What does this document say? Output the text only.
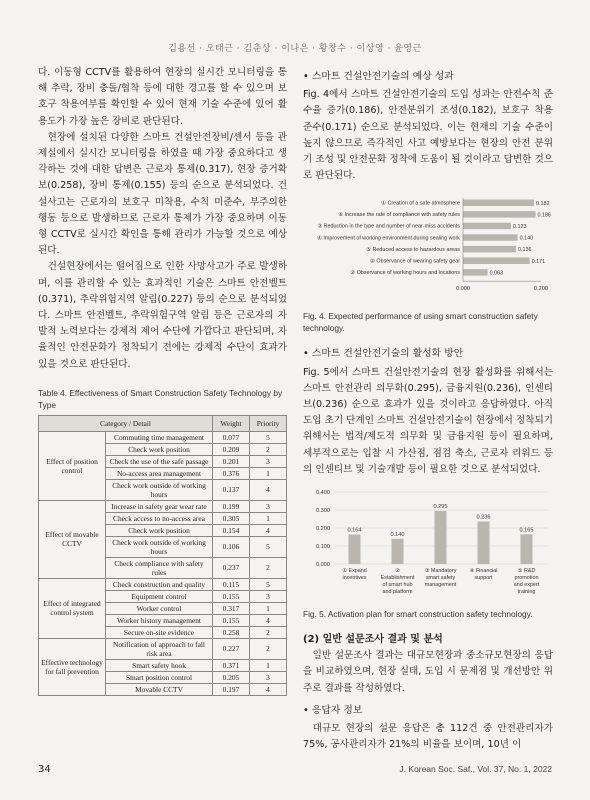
김용선 · 오태근 · 김춘상 · 이나은 · 황창수 · 이상영 · 윤영근

다. 이동형 CCTV를 활용하여 현장의 실시간 모니터링을 통해 추락, 장비 충돌/협착 등에 대한 경고를 할 수 있으며 보호구 착용여부를 확인할 수 있어 현재 기술 수준에 있어 활용도가 가장 높은 장비로 판단된다.

현장에 설치된 다양한 스마트 건설안전장비/센서 등을 관제실에서 실시간 모니터링을 하였을 때 가장 중요하다고 생각하는 것에 대한 답변은 근로자 통제(0.317), 현장 증거확보(0.258), 장비 통제(0.155) 등의 순으로 분석되었다. 건설사고는 근로자의 보호구 미착용, 수칙 미준수, 부주의한 행동 등으로 발생하므로 근로자 통제가 가장 중요하며 이동형 CCTV로 실시간 확인을 통해 관리가 가능할 것으로 예상된다.

건설현장에서는 떨어짐으로 인한 사망사고가 주로 발생하며, 이를 관리할 수 있는 효과적인 기술은 스마트 안전벨트(0.371), 추락위험지역 알림(0.227) 등의 순으로 분석되었다. 스마트 안전벨트, 추락위험구역 알림 등은 근로자의 자발적 노력보다는 강제적 제어 수단에 가깝다고 판단되며, 자율적인 안전문화가 정착되기 전에는 강제적 수단이 효과가 있을 것으로 판단된다.

Table 4. Effectiveness of Smart Construction Safety Technology by Type
Category / Detail		Weight	Priority
Effect of position control	Commuting time management	0.077	5
	Check work position	0.209	2
	Check the use of the safe passage	0.201	3
	No-access area management	0.376	1
	Check work outside of working hours	0.137	4
Effect of movable CCTV	Increase in safety gear wear rate	0.199	3
	Check access to no-access area	0.305	1
	Check work position	0.154	4
	Check work outside of working hours	0.106	5
	Check compliance with safety rules	0.237	2
Effect of integrated control system	Check construction and quality	0.115	5
	Equipment control	0.155	3
	Worker control	0.317	1
	Worker history management	0.155	4
	Secure on-site evidence	0.258	2
Effective technology for fall prevention	Notification of approach to fall risk area	0.227	2
	Smart safety hook	0.371	1
	Smart position control	0.205	3
	Movable CCTV	0.197	4
• 스마트 건설안전기술의 예상 성과

Fig. 4에서 스마트 건설안전기술의 도입 성과는 안전수칙 준수율 증가(0.186), 안전분위기 조성(0.182), 보호구 착용 준수(0.171) 순으로 분석되었다. 이는 현재의 기술 수준이 높지 않으므로 즉각적인 사고 예방보다는 현장의 안전 분위기 조성 및 안전문화 정착에 도움이 될 것이라고 답변한 것으로 판단된다.

① Creation of a safe atmosphere	0.182
⑥ Increase the rate of compliance with safety rules	0.186
③ Reduction in the type and number of near-miss accidents	0.123
④ Improvement of working environment during sealing work	0.140
⑤ Reduced access to hazardous areas	0.136
② Observance of wearing safety gear	0.171
② Observance of working hours and locations	0.063
0.000	0.200
Fig. 4. Expected performance of using smart construction safety technology.
• 스마트 건설안전기술의 활성화 방안

Fig. 5에서 스마트 건설안전기술의 현장 활성화를 위해서는 스마트 안전관리 의무화(0.295), 금융지원(0.236), 인센티브(0.236) 순으로 효과가 있을 것이라고 응답하였다. 아직 도입 초기 단계인 스마트 건설안전기술이 현장에서 정착되기 위해서는 법적/제도적 의무화 및 금융지원 등이 필요하며, 세부적으로는 입찰 시 가산점, 점검 축소, 근로자 리워드 등의 인센티브 및 기술개발 등이 필요한 것으로 분석되었다.

0.000
0.100
0.200
0.300
0.400
0.164
① Expand
incentives
0.140
②
Establishment
of smart hub
and platform
0.295
③ Mandatory
smart safety
management
0.236
④ Financial
support
0.165
⑤ R&D
promotion
and expert
training
Fig. 5. Activation plan for smart construction safety technology.
(2) 일반 설문조사 결과 및 분석

일반 설문조사 결과는 대규모현장과 중소규모현장의 응답을 비교하였으며, 현장 실태, 도입 시 문제점 및 개선방안 위주로 결과를 작성하였다.

• 응답자 정보

대규모 현장의 설문 응답은 총 112건 중 안전관리자가 75%, 공사관리자가 21%의 비율을 보이며, 10년 이

34	J. Korean Soc. Saf., Vol. 37, No. 1, 2022
